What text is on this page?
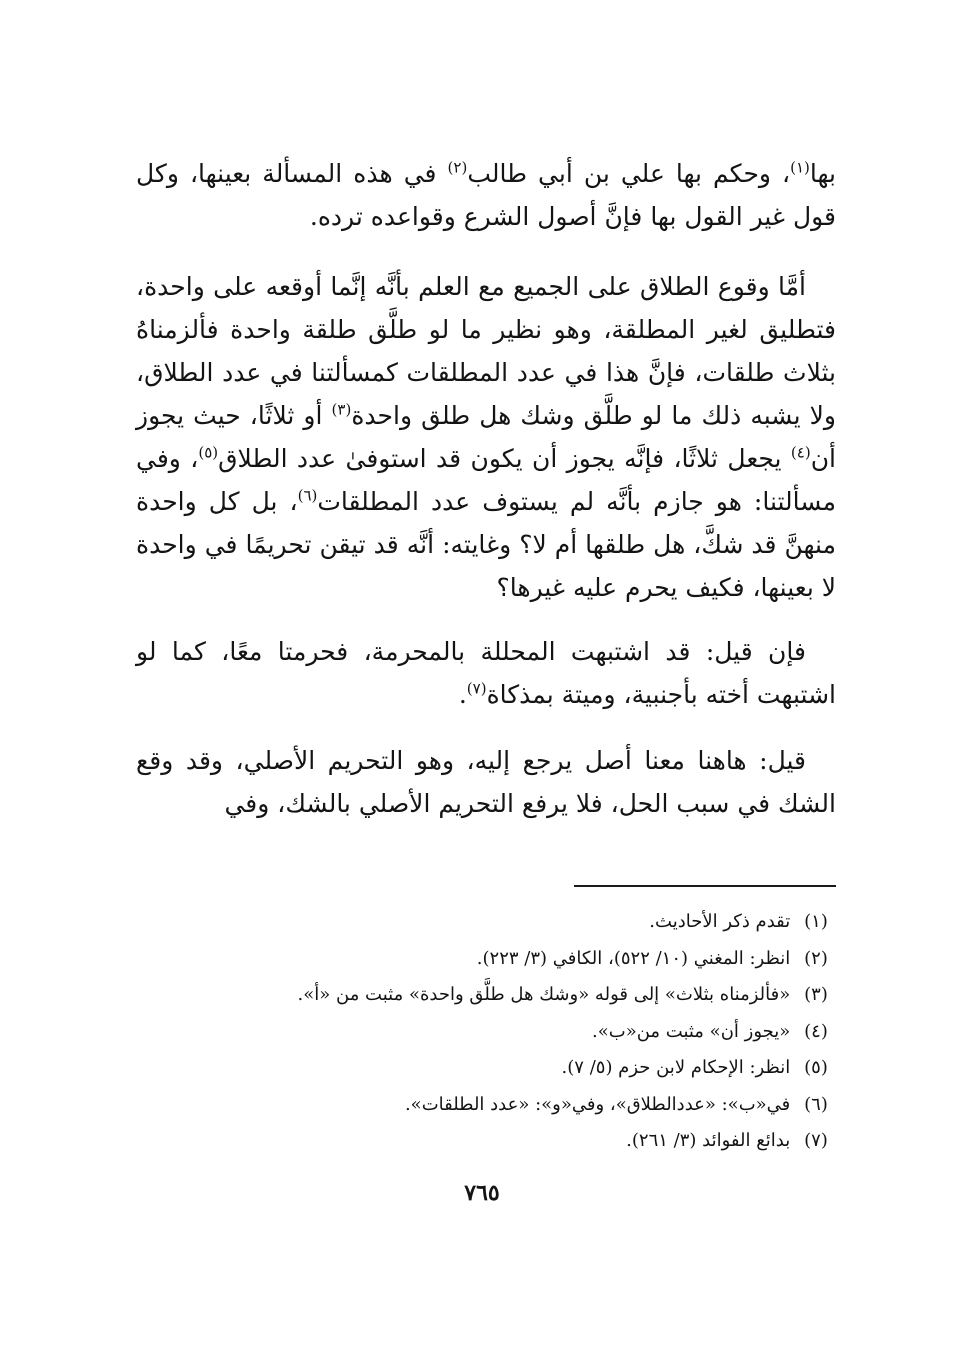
بها$^{(١)}$، وحكم بها علي بن أبي طالب$^{(٢)}$ في هذه المسألة بعينها، وكل قول غير القول بها فإنَّ أصول الشرع وقواعده ترده.

أمَّا وقوع الطلاق على الجميع مع العلم بأنَّه إنَّما أوقعه على واحدة، فتطليق لغير المطلقة، وهو نظير ما لو طلَّق طلقة واحدة فألزمناهُ بثلاث طلقات، فإنَّ هذا في عدد المطلقات كمسألتنا في عدد الطلاق، ولا يشبه ذلك ما لو طلَّق وشك هل طلق واحدة$^{(٣)}$ أو ثلاثًا، حيث يجوز أن$^{(٤)}$ يجعل ثلاثًا، فإنَّه يجوز أن يكون قد استوفىٰ عدد الطلاق$^{(٥)}$، وفي مسألتنا: هو جازم بأنَّه لم يستوف عدد المطلقات$^{(٦)}$، بل كل واحدة منهنَّ قد شكَّ، هل طلقها أم لا؟ وغايته: أنَّه قد تيقن تحريمًا في واحدة لا بعينها، فكيف يحرم عليه غيرها؟

فإن قيل: قد اشتبهت المحللة بالمحرمة، فحرمتا معًا، كما لو اشتبهت أخته بأجنبية، وميتة بمذكاة$^{(٧)}$.

قيل: هاهنا معنا أصل يرجع إليه، وهو التحريم الأصلي، وقد وقع الشك في سبب الحل، فلا يرفع التحريم الأصلي بالشك، وفي

(١) تقدم ذكر الأحاديث.
(٢) انظر: المغني (١٠/ ٥٢٢)، الكافي (٣/ ٢٢٣).
(٣) «فألزمناه بثلاث» إلى قوله «وشك هل طلَّق واحدة» مثبت من «أ».
(٤) «يجوز أن» مثبت من«ب».
(٥) انظر: الإحكام لابن حزم (٥/ ٧).
(٦) في«ب»: «عددالطلاق»، وفي«و»: «عدد الطلقات».
(٧) بدائع الفوائد (٣/ ٢٦١).
٧٦٥
